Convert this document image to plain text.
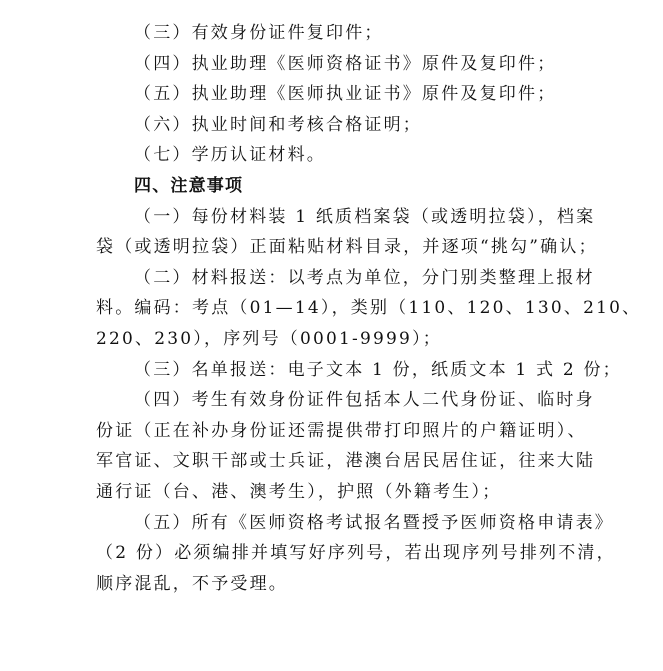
（三）有效身份证件复印件；

（四）执业助理《医师资格证书》原件及复印件；

（五）执业助理《医师执业证书》原件及复印件；

（六）执业时间和考核合格证明；

（七）学历认证材料。

四、注意事项

（一）每份材料装 1 纸质档案袋（或透明拉袋），档案

袋（或透明拉袋）正面粘贴材料目录，并逐项“挑勾”确认；

（二）材料报送：以考点为单位，分门别类整理上报材

料。编码：考点（01—14），类别（110、120、130、210、

220、230），序列号（0001-9999）；

（三）名单报送：电子文本 1 份，纸质文本 1 式 2 份；

（四）考生有效身份证件包括本人二代身份证、临时身

份证（正在补办身份证还需提供带打印照片的户籍证明）、

军官证、文职干部或士兵证，港澳台居民居住证，往来大陆

通行证（台、港、澳考生），护照（外籍考生）；

（五）所有《医师资格考试报名暨授予医师资格申请表》

（2 份）必须编排并填写好序列号，若出现序列号排列不清，

顺序混乱，不予受理。
